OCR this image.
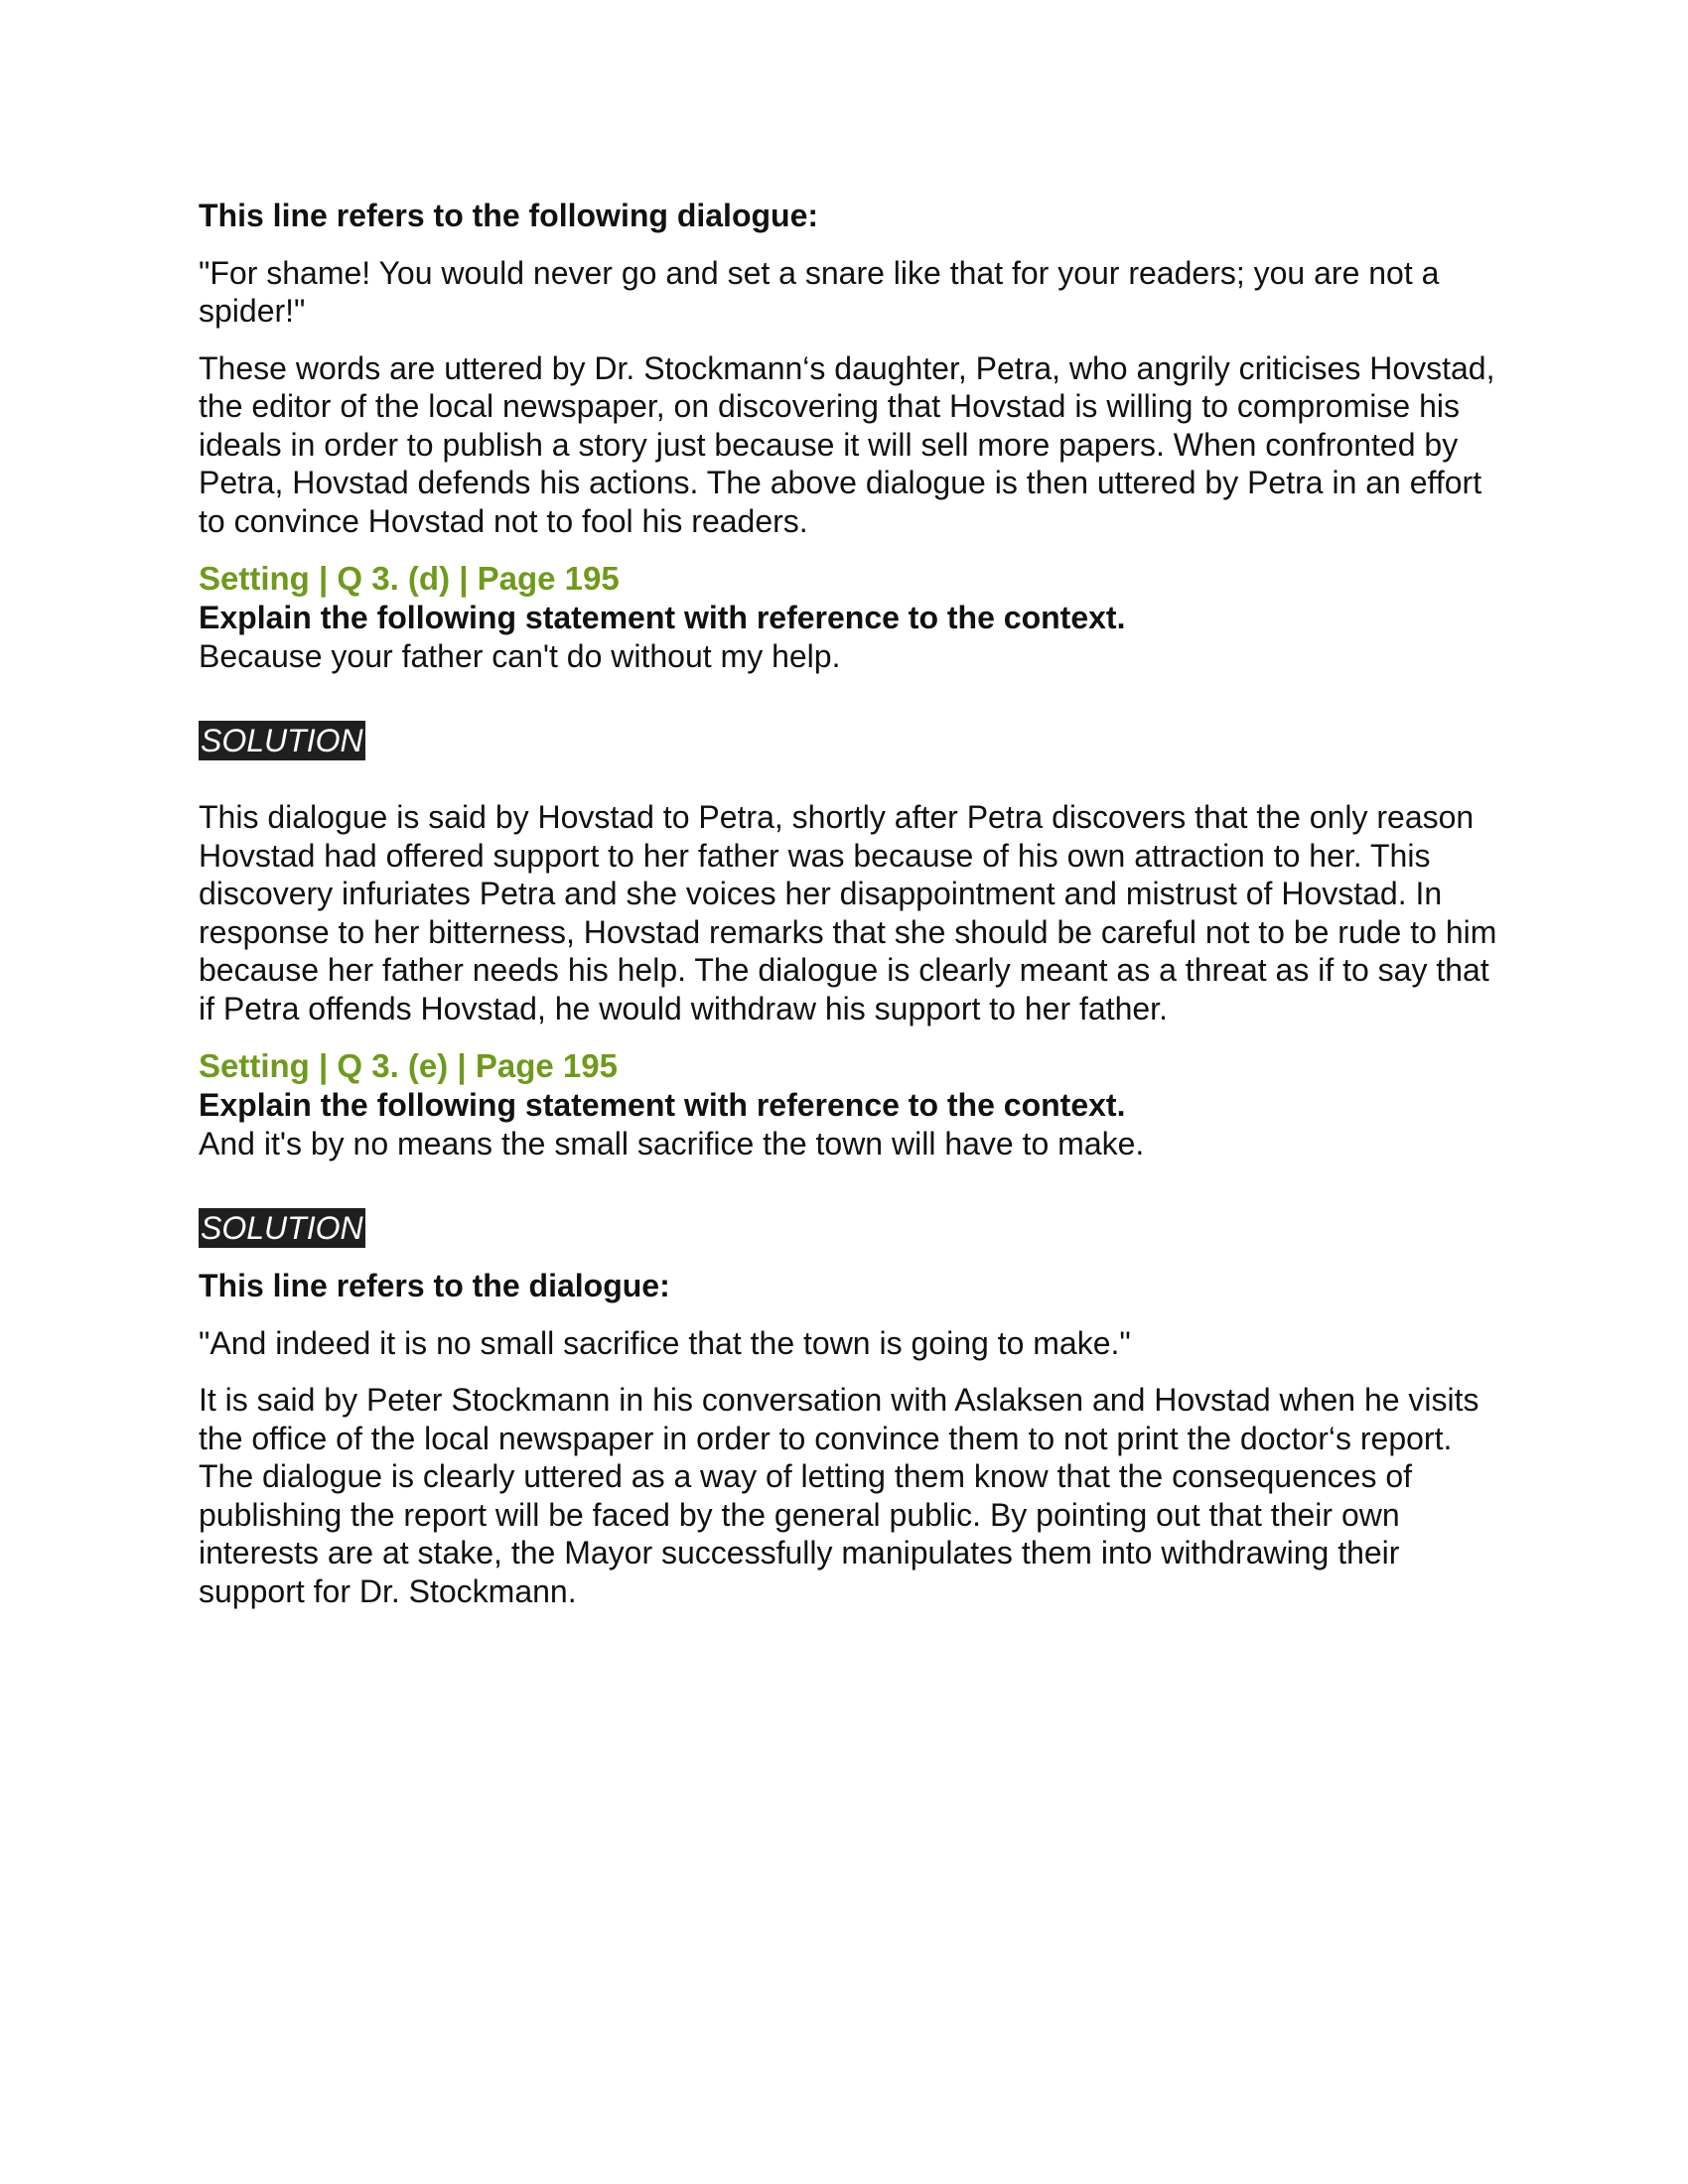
This line refers to the following dialogue:

"For shame! You would never go and set a snare like that for your readers; you are not a spider!"

These words are uttered by Dr. Stockmann‘s daughter, Petra, who angrily criticises Hovstad, the editor of the local newspaper, on discovering that Hovstad is willing to compromise his ideals in order to publish a story just because it will sell more papers. When confronted by Petra, Hovstad defends his actions. The above dialogue is then uttered by Petra in an effort to convince Hovstad not to fool his readers.

Setting | Q 3. (d) | Page 195

Explain the following statement with reference to the context.

Because your father can't do without my help.

SOLUTION

This dialogue is said by Hovstad to Petra, shortly after Petra discovers that the only reason Hovstad had offered support to her father was because of his own attraction to her. This discovery infuriates Petra and she voices her disappointment and mistrust of Hovstad. In response to her bitterness, Hovstad remarks that she should be careful not to be rude to him because her father needs his help. The dialogue is clearly meant as a threat as if to say that if Petra offends Hovstad, he would withdraw his support to her father.

Setting | Q 3. (e) | Page 195

Explain the following statement with reference to the context.

And it's by no means the small sacrifice the town will have to make.

SOLUTION

This line refers to the dialogue:

"And indeed it is no small sacrifice that the town is going to make."

It is said by Peter Stockmann in his conversation with Aslaksen and Hovstad when he visits the office of the local newspaper in order to convince them to not print the doctor‘s report. The dialogue is clearly uttered as a way of letting them know that the consequences of publishing the report will be faced by the general public. By pointing out that their own interests are at stake, the Mayor successfully manipulates them into withdrawing their support for Dr. Stockmann.
